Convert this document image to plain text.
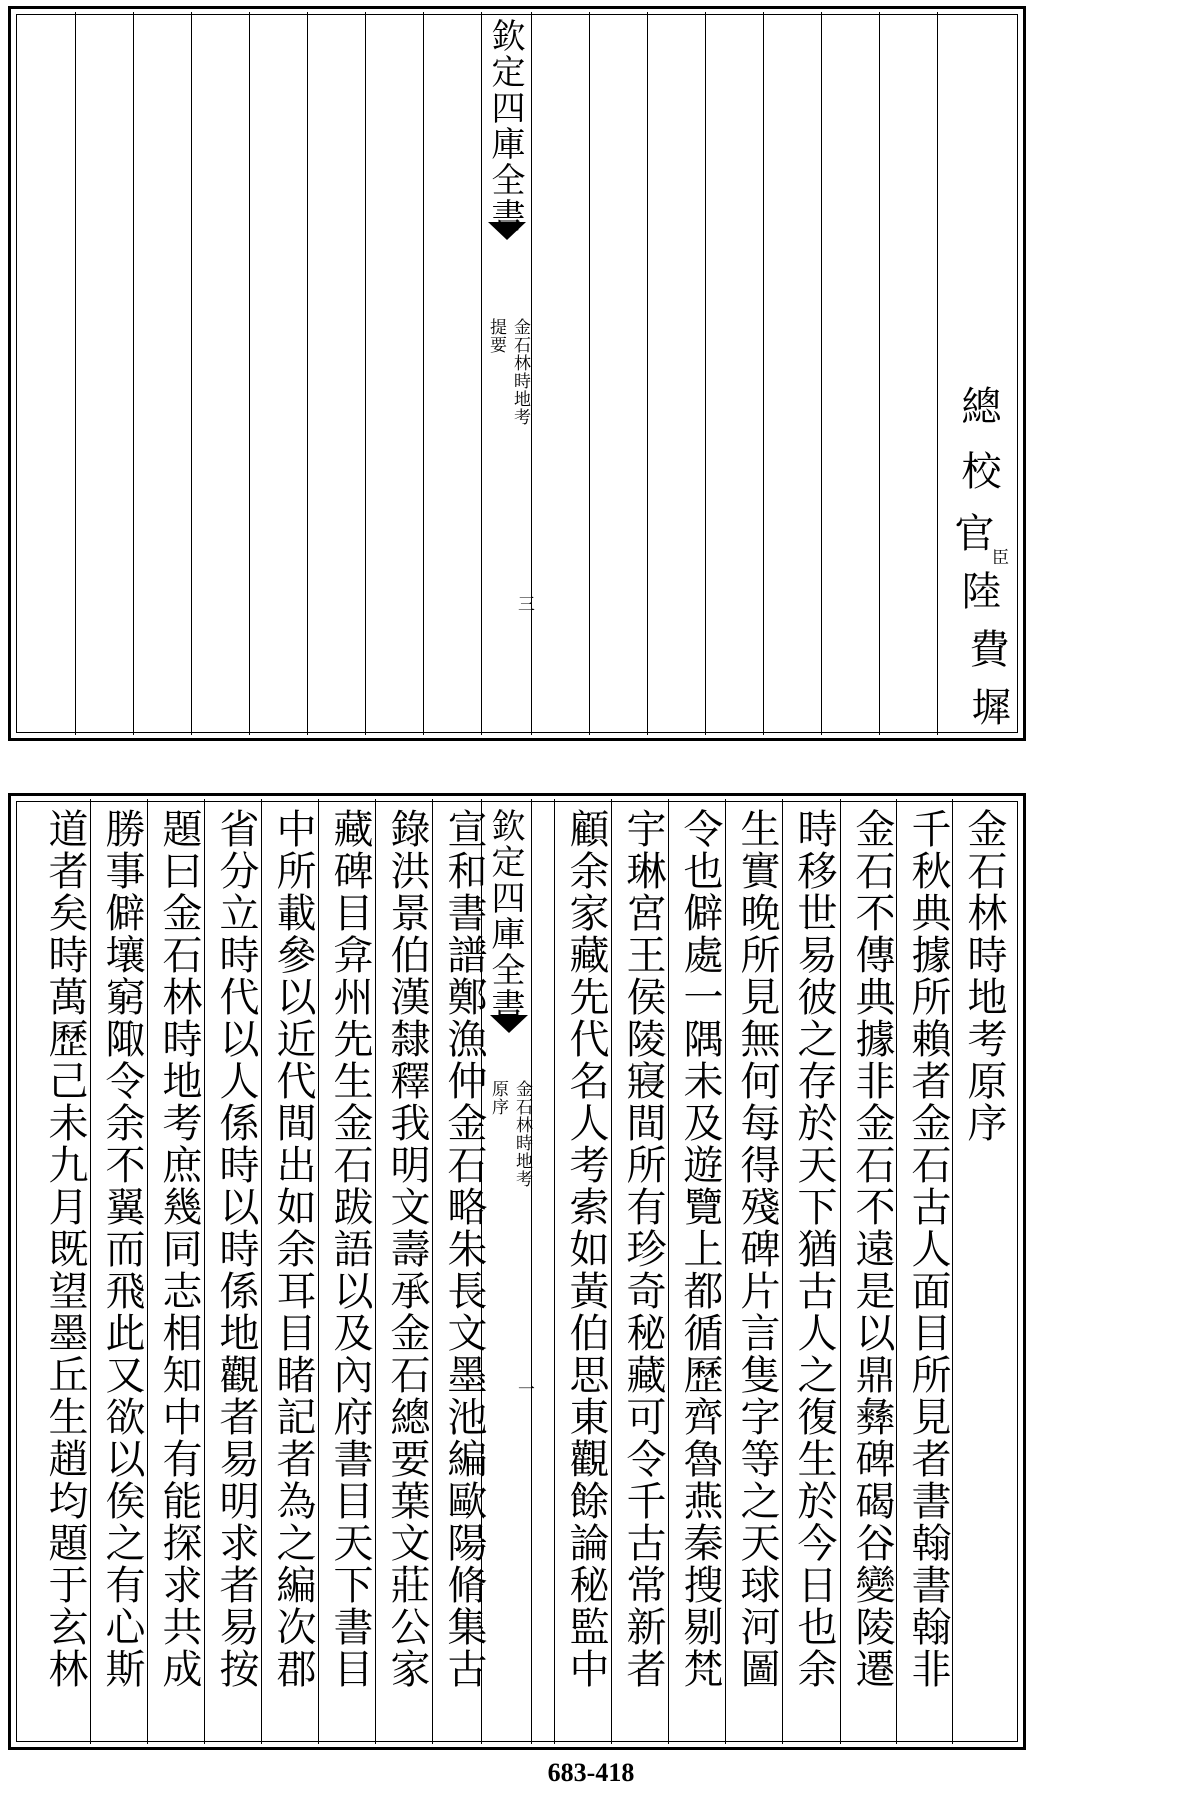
欽定四庫全書
金石林時地考
提要
三
總
校
官
臣
陸
費
墀
金石林時地考原序
千秋典據所賴者金石古人面目所見者書翰書翰非
金石不傳典據非金石不遠是以鼎彝碑碣谷變陵遷
時移世易彼之存於天下猶古人之復生於今日也余
生實晚所見無何每得殘碑片言隻字等之天球河圖
令也僻處一隅未及遊覽上都循歷齊魯燕秦搜剔梵
宇琳宮王侯陵寢間所有珍奇秘藏可令千古常新者
顧余家藏先代名人考索如黃伯思東觀餘論秘監中
欽定四庫全書
金石林時地考
原序
一
宣和書譜鄭漁仲金石略朱長文墨池編歐陽脩集古
錄洪景伯漢隸釋我明文壽承金石總要葉文莊公家
藏碑目弇州先生金石跋語以及內府書目天下書目
中所載參以近代間出如余耳目睹記者為之編次郡
省分立時代以人係時以時係地觀者易明求者易按
題曰金石林時地考庶幾同志相知中有能探求共成
勝事僻壤窮陬令余不翼而飛此又欲以俟之有心斯
道者矣時萬歷己未九月既望墨丘生趙均題于玄林
683-418
